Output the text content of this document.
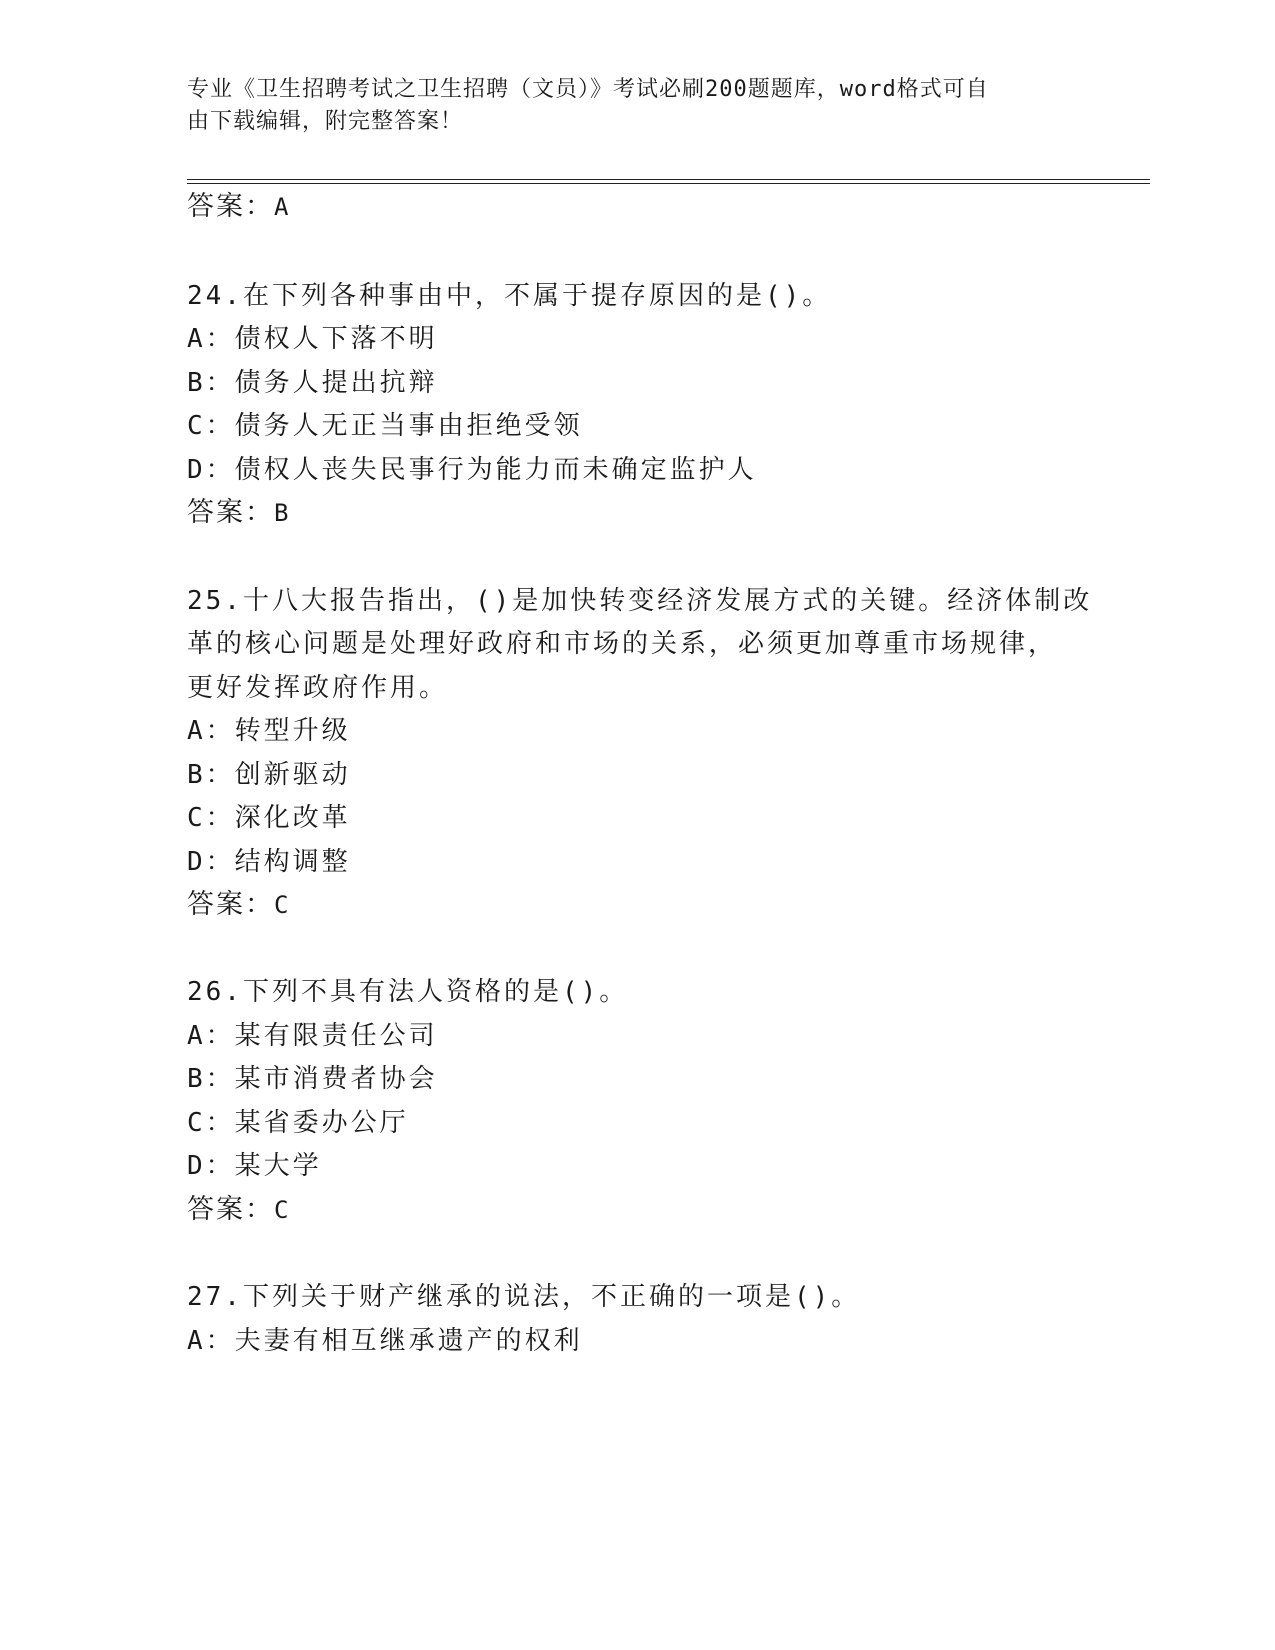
专业《卫生招聘考试之卫生招聘（文员）》考试必刷200题题库，word格式可自
由下载编辑，附完整答案！
答案：A
24.在下列各种事由中，不属于提存原因的是()。
A：债权人下落不明
B：债务人提出抗辩
C：债务人无正当事由拒绝受领
D：债权人丧失民事行为能力而未确定监护人
答案：B
25.十八大报告指出，()是加快转变经济发展方式的关键。经济体制改
革的核心问题是处理好政府和市场的关系，必须更加尊重市场规律，
更好发挥政府作用。
A：转型升级
B：创新驱动
C：深化改革
D：结构调整
答案：C
26.下列不具有法人资格的是()。
A：某有限责任公司
B：某市消费者协会
C：某省委办公厅
D：某大学
答案：C
27.下列关于财产继承的说法，不正确的一项是()。
A：夫妻有相互继承遗产的权利
